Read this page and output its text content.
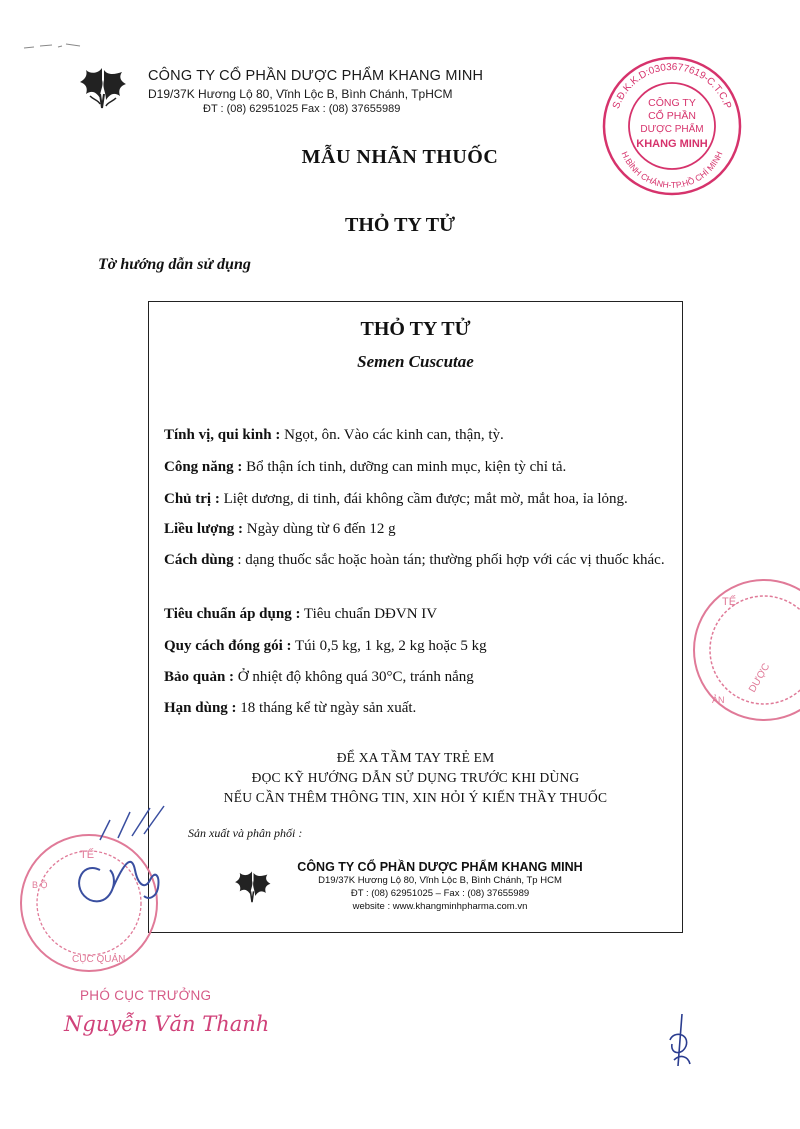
CÔNG TY CỔ PHẦN DƯỢC PHẨM KHANG MINH
D19/37K Hương Lộ 80, Vĩnh Lộc B, Bình Chánh, TpHCM
ĐT : (08) 62951025 Fax : (08) 37655989	S.Đ.K.K.D:0303677619-C.T.C.P
H.BÌNH CHÁNH-TP.HỒ CHÍ MINH
CÔNG TY
CỔ PHẦN
DƯỢC PHẨM
KHANG MINH
TẾ
DƯỢC
ẢN
MẪU NHÃN THUỐC
THỎ TY TỬ
Tờ hướng dẫn sử dụng
THỎ TY TỬ
Semen Cuscutae
Tính vị, qui kinh : Ngọt, ôn. Vào các kinh can, thận, tỳ.
Công năng : Bổ thận ích tinh, dưỡng can minh mục, kiện tỳ chỉ tả.
Chủ trị : Liệt dương, di tinh, đái không cầm được; mắt mờ, mắt hoa, ỉa lỏng.
Liều lượng : Ngày dùng từ 6 đến 12 g
Cách dùng : dạng thuốc sắc hoặc hoàn tán; thường phối hợp với các vị thuốc khác.
Tiêu chuẩn áp dụng : Tiêu chuẩn DĐVN IV
Quy cách đóng gói : Túi 0,5 kg, 1 kg, 2 kg hoặc 5 kg
Bảo quản : Ở nhiệt độ không quá 30°C, tránh nắng
Hạn dùng : 18 tháng kể từ ngày sản xuất.
ĐỂ XA TẦM TAY TRẺ EM
ĐỌC KỸ HƯỚNG DẪN SỬ DỤNG TRƯỚC KHI DÙNG
NẾU CẦN THÊM THÔNG TIN, XIN HỎI Ý KIẾN THẦY THUỐC
Sản xuất và phân phối :
CÔNG TY CỔ PHẦN DƯỢC PHẨM KHANG MINH
D19/37K Hương Lộ 80, Vĩnh Lộc B, Bình Chánh, Tp HCM
ĐT : (08) 62951025 – Fax : (08) 37655989
website : www.khangminhpharma.com.vn
TẾ
CỤC QUẢN
B Ộ
PHÓ CỤC TRƯỞNG
Nguyễn Văn Thanh
